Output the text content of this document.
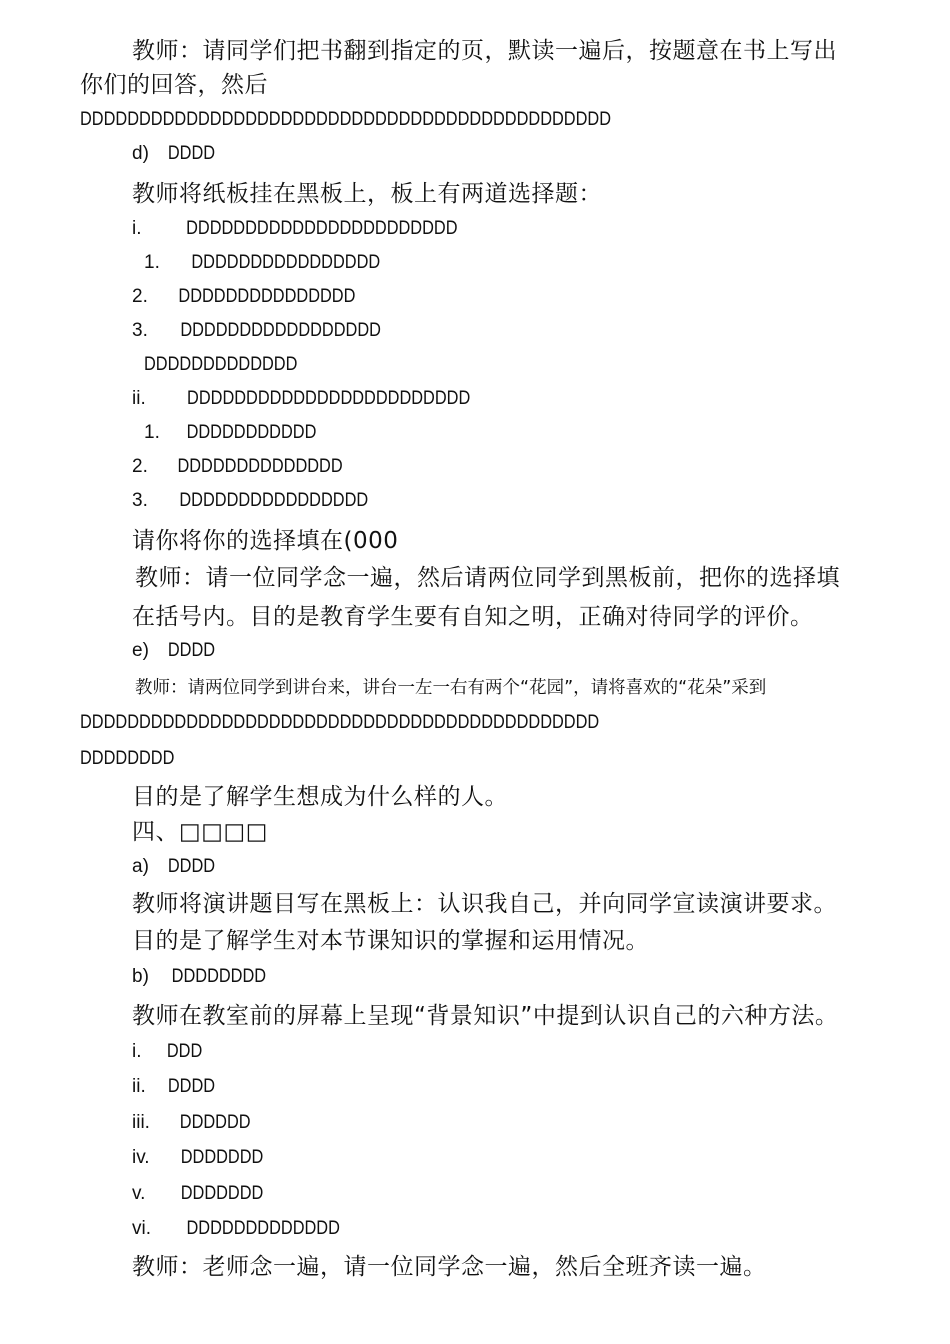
教师：请同学们把书翻到指定的页，默读一遍后，按题意在书上写出
你们的回答，然后
DDDDDDDDDDDDDDDDDDDDDDDDDDDDDDDDDDDDDDDDDDDDD
d) DDDD
教师将纸板挂在黑板上，板上有两道选择题：
i. DDDDDDDDDDDDDDDDDDDDDDD
1. DDDDDDDDDDDDDDDD
2. DDDDDDDDDDDDDDD
3. DDDDDDDDDDDDDDDDD
DDDDDDDDDDDDD
ii. DDDDDDDDDDDDDDDDDDDDDDDD
1. DDDDDDDDDDD
2. DDDDDDDDDDDDDD
3. DDDDDDDDDDDDDDDD
请你将你的选择填在(000
教师：请一位同学念一遍，然后请两位同学到黑板前，把你的选择填
在括号内。目的是教育学生要有自知之明，正确对待同学的评价。
e) DDDD
教师：请两位同学到讲台来，讲台一左一右有两个“花园”，请将喜欢的“花朵”采到
DDDDDDDDDDDDDDDDDDDDDDDDDDDDDDDDDDDDDDDDDDDD
DDDDDDDD
目的是了解学生想成为什么样的人。
四、□□□□
a) DDDD
教师将演讲题目写在黑板上：认识我自己，并向同学宣读演讲要求。
目的是了解学生对本节课知识的掌握和运用情况。
b) DDDDDDDD
教师在教室前的屏幕上呈现“背景知识”中提到认识自己的六种方法。
i. DDD
ii. DDDD
iii. DDDDDD
iv. DDDDDDD
v. DDDDDDD
vi. DDDDDDDDDDDDD
教师：老师念一遍，请一位同学念一遍，然后全班齐读一遍。
